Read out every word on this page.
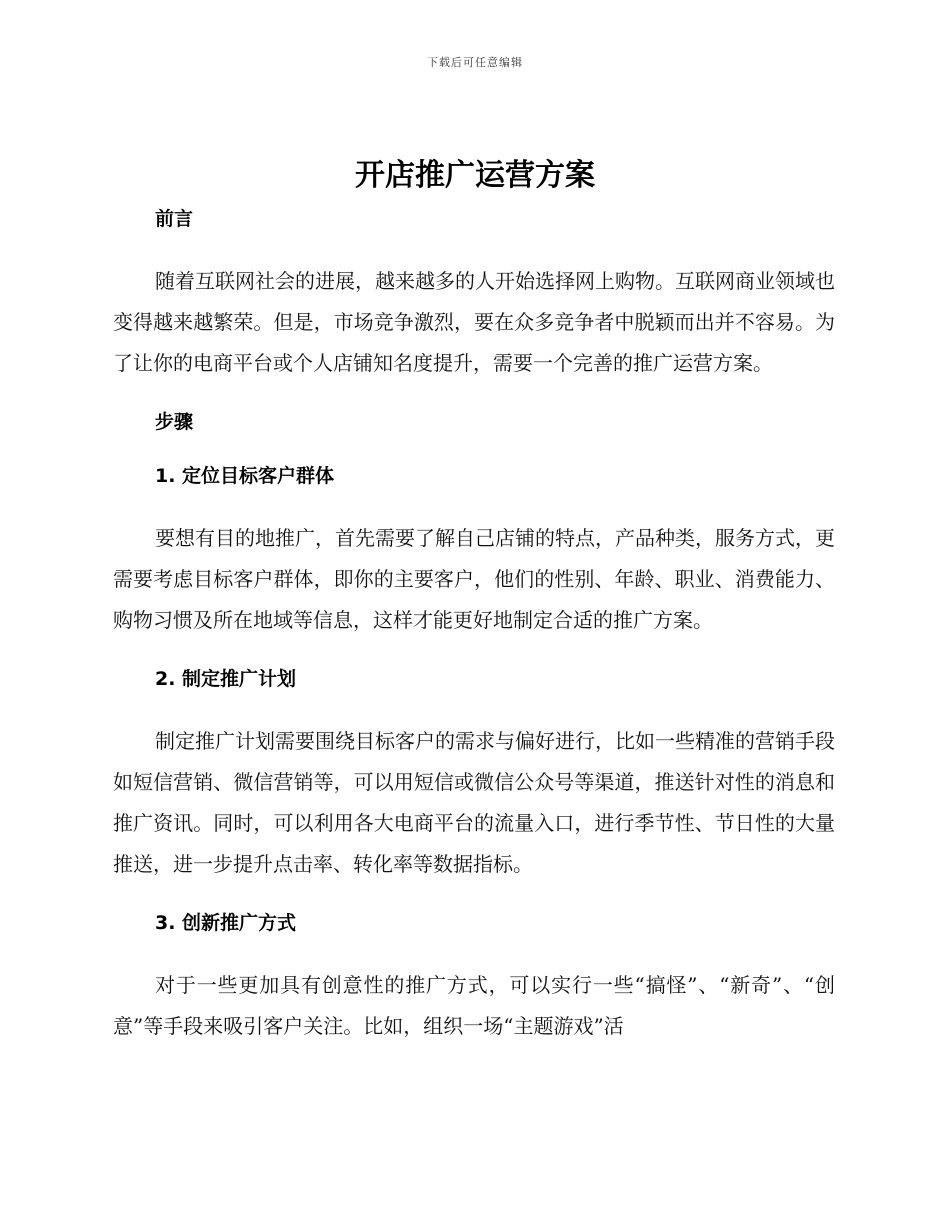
下载后可任意编辑
开店推广运营方案
前言

随着互联网社会的进展，越来越多的人开始选择网上购物。互联网商业领域也变得越来越繁荣。但是，市场竞争激烈，要在众多竞争者中脱颖而出并不容易。为了让你的电商平台或个人店铺知名度提升，需要一个完善的推广运营方案。

步骤
1. 定位目标客户群体

要想有目的地推广，首先需要了解自己店铺的特点，产品种类，服务方式，更需要考虑目标客户群体，即你的主要客户，他们的性别、年龄、职业、消费能力、购物习惯及所在地域等信息，这样才能更好地制定合适的推广方案。

2. 制定推广计划

制定推广计划需要围绕目标客户的需求与偏好进行，比如一些精准的营销手段如短信营销、微信营销等，可以用短信或微信公众号等渠道，推送针对性的消息和推广资讯。同时，可以利用各大电商平台的流量入口，进行季节性、节日性的大量推送，进一步提升点击率、转化率等数据指标。

3. 创新推广方式

对于一些更加具有创意性的推广方式，可以实行一些“搞怪”、“新奇”、“创意”等手段来吸引客户关注。比如，组织一场“主题游戏”活
